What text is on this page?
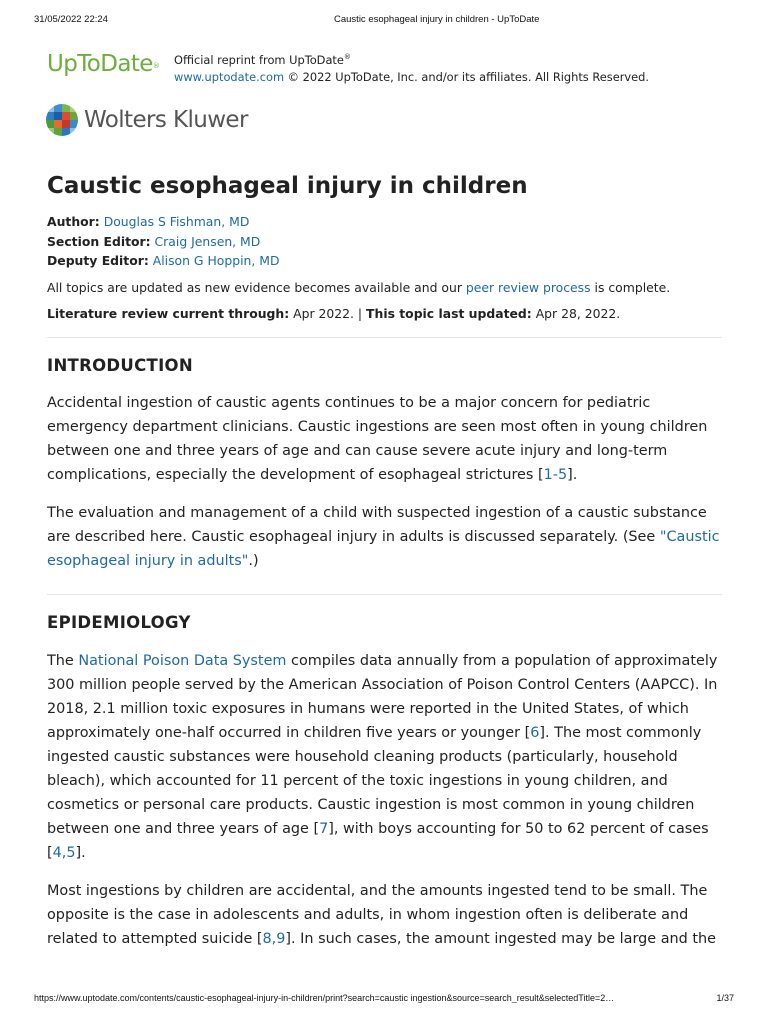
31/05/2022 22:24	Caustic esophageal injury in children - UpToDate
UpToDate®	Official reprint from UpToDate®
www.uptodate.com © 2022 UpToDate, Inc. and/or its affiliates. All Rights Reserved.
Wolters Kluwer
Caustic esophageal injury in children
Author: Douglas S Fishman, MD
Section Editor: Craig Jensen, MD
Deputy Editor: Alison G Hoppin, MD
All topics are updated as new evidence becomes available and our peer review process is complete.
Literature review current through: Apr 2022. | This topic last updated: Apr 28, 2022.
INTRODUCTION

Accidental ingestion of caustic agents continues to be a major concern for pediatric emergency department clinicians. Caustic ingestions are seen most often in young children between one and three years of age and can cause severe acute injury and long-term complications, especially the development of esophageal strictures [1-5].

The evaluation and management of a child with suspected ingestion of a caustic substance are described here. Caustic esophageal injury in adults is discussed separately. (See "Caustic esophageal injury in adults".)

EPIDEMIOLOGY

The National Poison Data System compiles data annually from a population of approximately 300 million people served by the American Association of Poison Control Centers (AAPCC). In 2018, 2.1 million toxic exposures in humans were reported in the United States, of which approximately one-half occurred in children five years or younger [6]. The most commonly ingested caustic substances were household cleaning products (particularly, household bleach), which accounted for 11 percent of the toxic ingestions in young children, and cosmetics or personal care products. Caustic ingestion is most common in young children between one and three years of age [7], with boys accounting for 50 to 62 percent of cases [4,5].

Most ingestions by children are accidental, and the amounts ingested tend to be small. The opposite is the case in adolescents and adults, in whom ingestion often is deliberate and related to attempted suicide [8,9]. In such cases, the amount ingested may be large and the

https://www.uptodate.com/contents/caustic-esophageal-injury-in-children/print?search=caustic ingestion&source=search_result&selectedTitle=2…	1/37
